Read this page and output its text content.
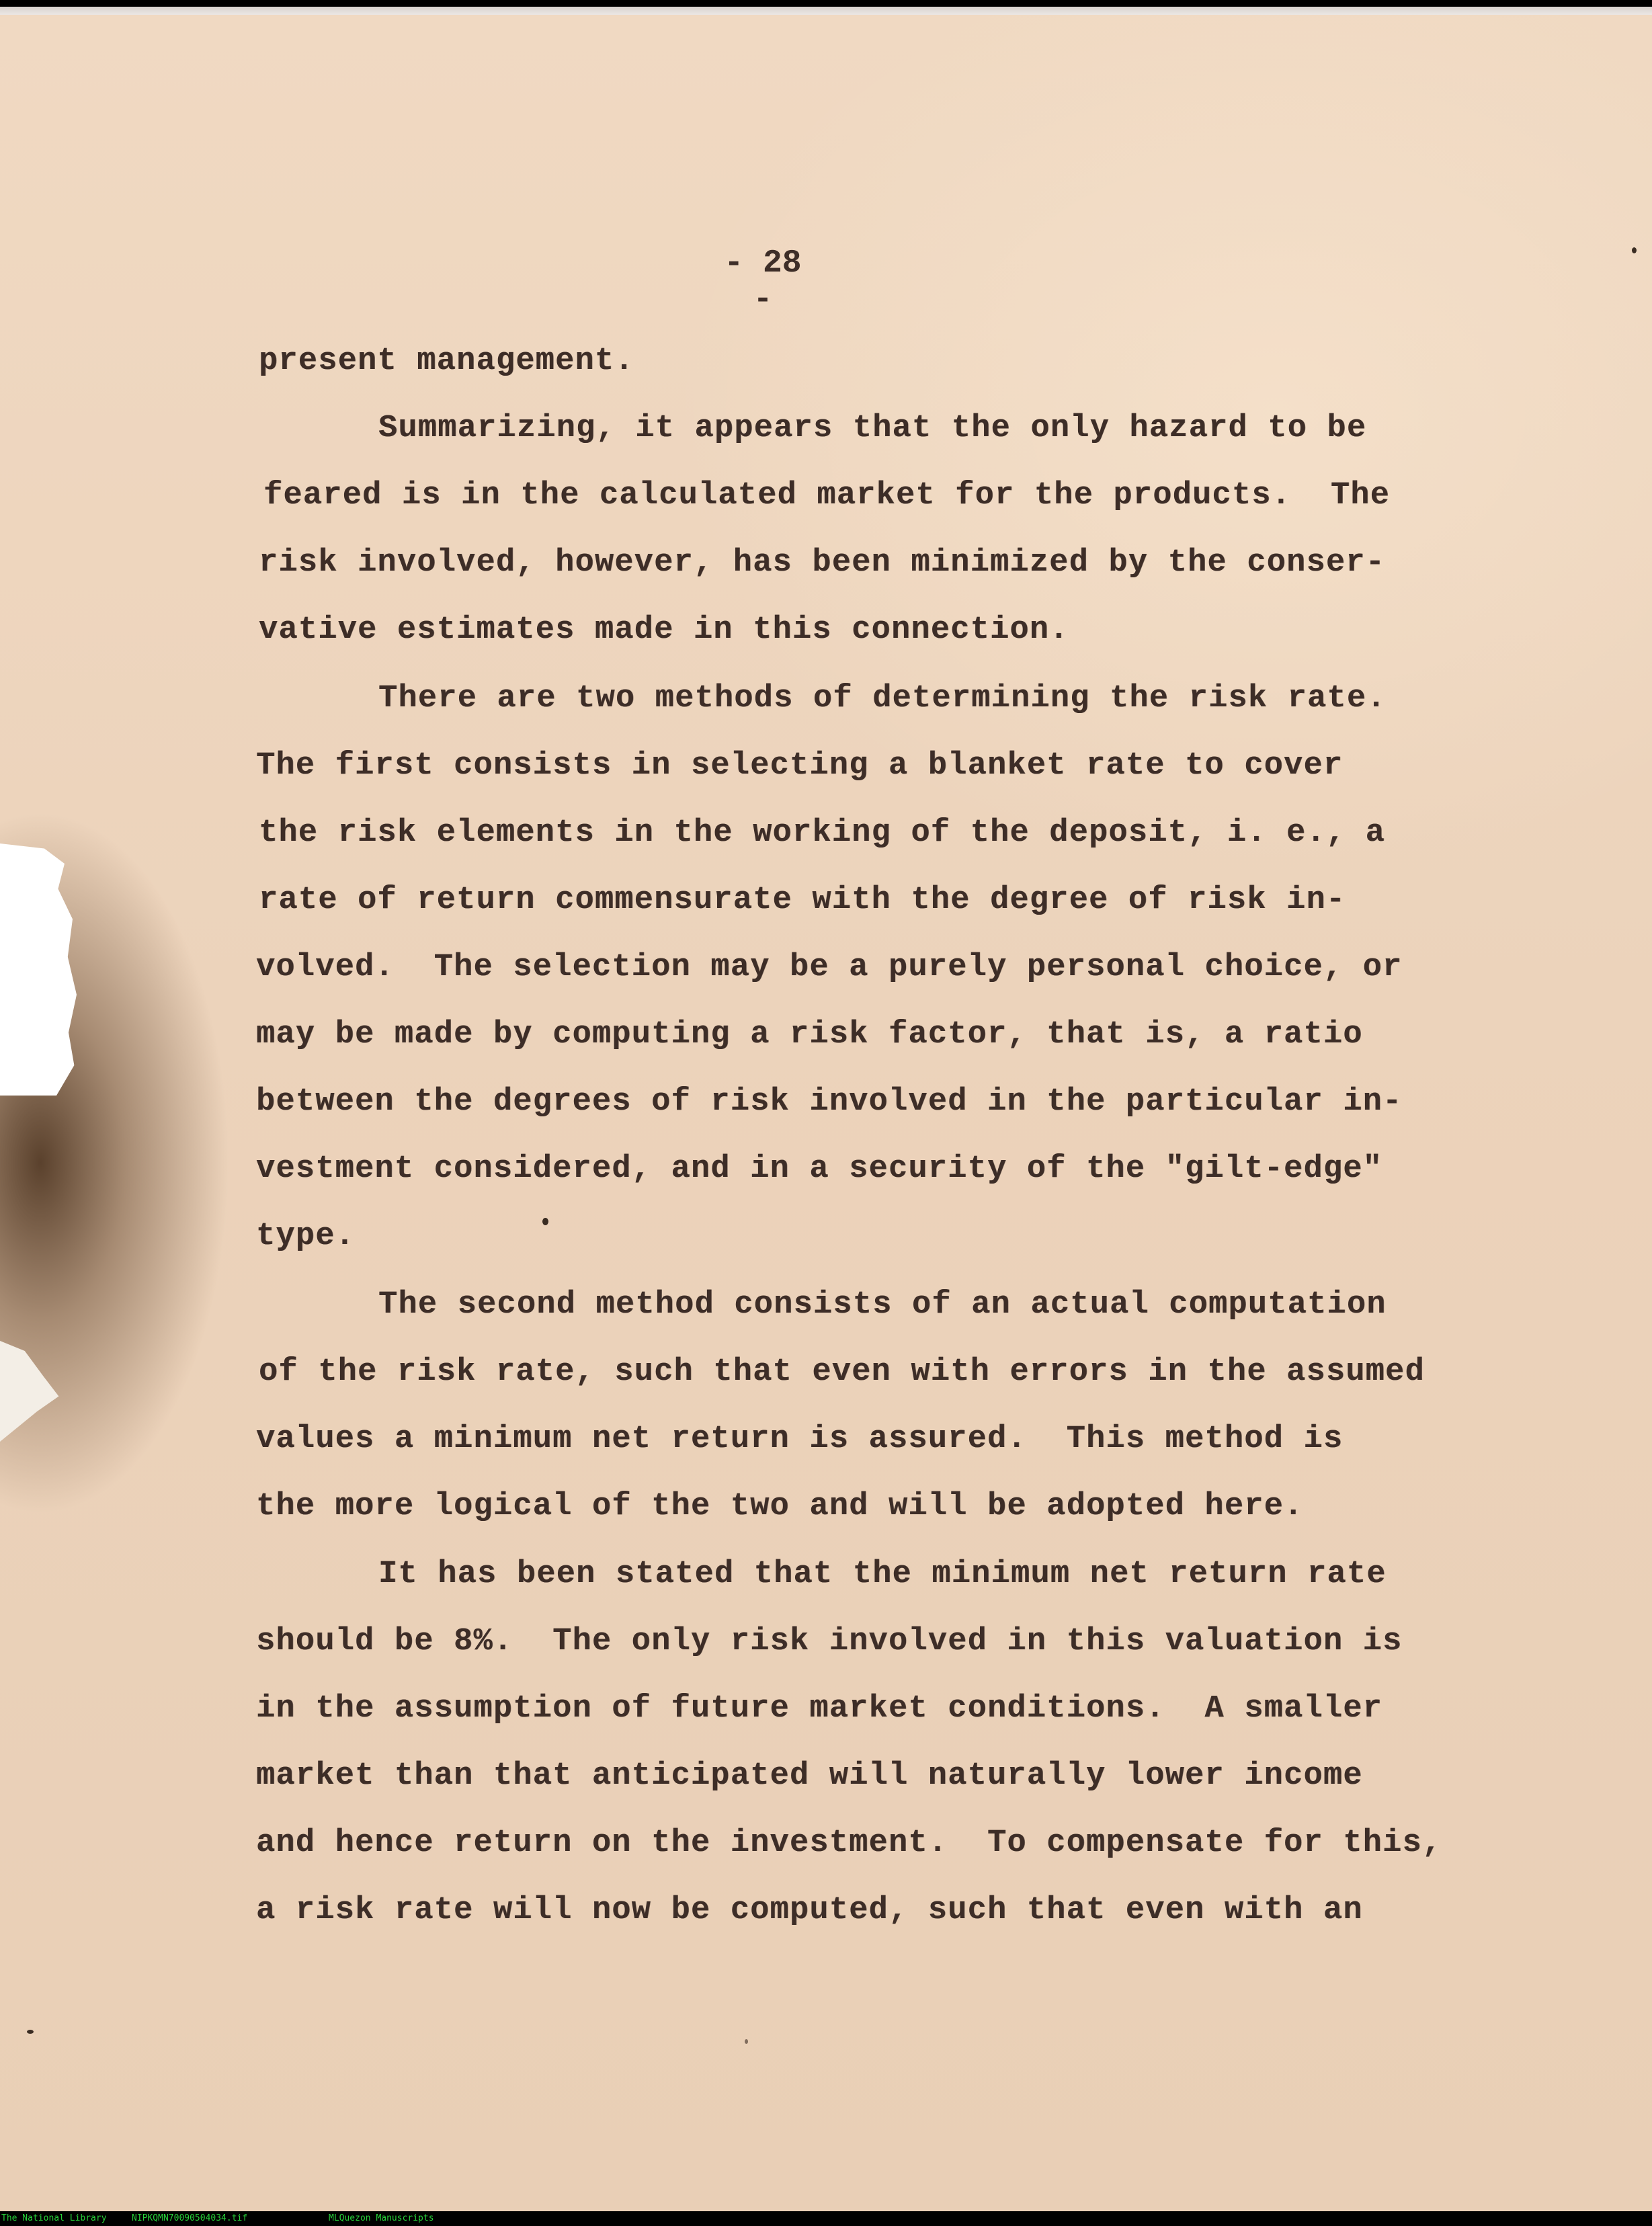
- 28 -

present management.

Summarizing, it appears that the only hazard to be

feared is in the calculated market for the products.  The

risk involved, however, has been minimized by the conser-

vative estimates made in this connection.

There are two methods of determining the risk rate.

The first consists in selecting a blanket rate to cover

the risk elements in the working of the deposit, i. e., a

rate of return commensurate with the degree of risk in-

volved.  The selection may be a purely personal choice, or

may be made by computing a risk factor, that is, a ratio

between the degrees of risk involved in the particular in-

vestment considered, and in a security of the "gilt-edge"

type.

The second method consists of an actual computation

of the risk rate, such that even with errors in the assumed

values a minimum net return is assured.  This method is

the more logical of the two and will be adopted here.

It has been stated that the minimum net return rate

should be 8%.  The only risk involved in this valuation is

in the assumption of future market conditions.  A smaller

market than that anticipated will naturally lower income

and hence return on the investment.  To compensate for this,

a risk rate will now be computed, such that even with an

The National Library	NIPKQMN70090504034.tif	MLQuezon Manuscripts
